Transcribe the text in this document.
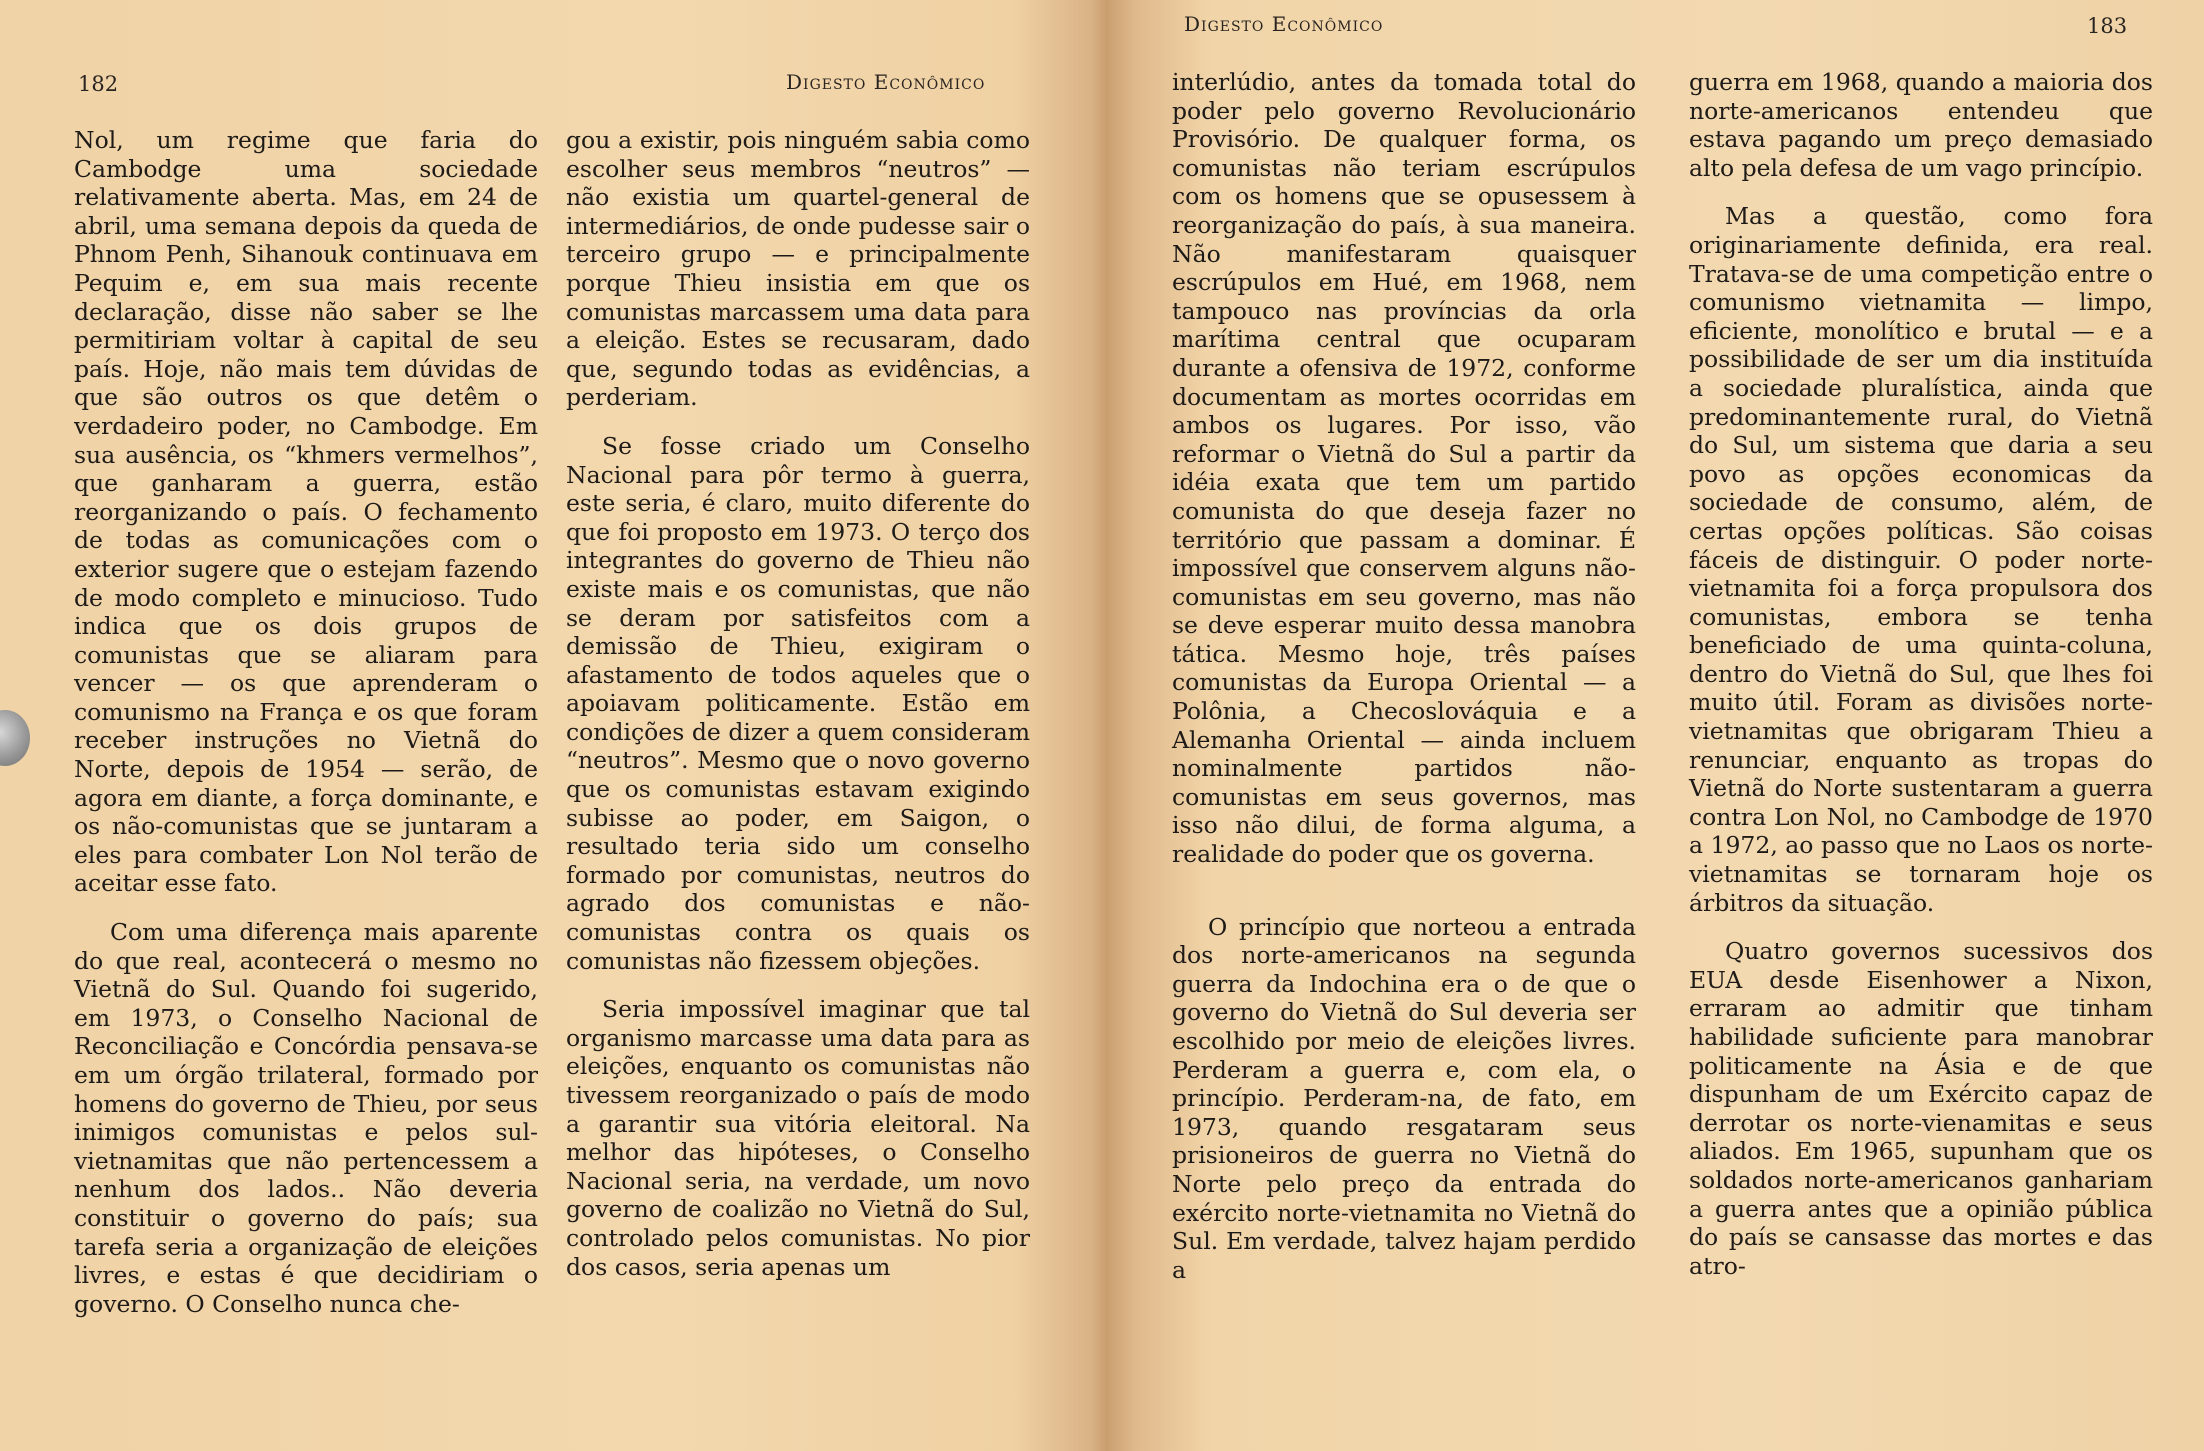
182	Digesto Econômico

Nol, um regime que faria do Cambodge uma sociedade relativamente aberta. Mas, em 24 de abril, uma semana depois da queda de Phnom Penh, Sihanouk continuava em Pequim e, em sua mais recente declaração, disse não saber se lhe permitiriam voltar à capital de seu país. Hoje, não mais tem dúvidas de que são outros os que detêm o verdadeiro poder, no Cambodge. Em sua ausência, os “khmers vermelhos”, que ganharam a guerra, estão reorganizando o país. O fechamento de todas as comunicações com o exterior sugere que o estejam fazendo de modo completo e minucioso. Tudo indica que os dois grupos de comunistas que se aliaram para vencer — os que aprenderam o comunismo na França e os que foram receber instruções no Vietnã do Norte, depois de 1954 — serão, de agora em diante, a força dominante, e os não-comunistas que se juntaram a eles para combater Lon Nol terão de aceitar esse fato.

Com uma diferença mais aparente do que real, acontecerá o mesmo no Vietnã do Sul. Quando foi sugerido, em 1973, o Conselho Nacional de Reconciliação e Concórdia pensava-se em um órgão trilateral, formado por homens do governo de Thieu, por seus inimigos comunistas e pelos sul-vietnamitas que não pertencessem a nenhum dos lados.. Não deveria constituir o governo do país; sua tarefa seria a organização de eleições livres, e estas é que decidiriam o governo. O Conselho nunca che-

gou a existir, pois ninguém sabia como escolher seus membros “neutros” — não existia um quartel-general de intermediários, de onde pudesse sair o terceiro grupo — e principalmente porque Thieu insistia em que os comunistas marcassem uma data para a eleição. Estes se recusaram, dado que, segundo todas as evidências, a perderiam.

Se fosse criado um Conselho Nacional para pôr termo à guerra, este seria, é claro, muito diferente do que foi proposto em 1973. O terço dos integrantes do governo de Thieu não existe mais e os comunistas, que não se deram por satisfeitos com a demissão de Thieu, exigiram o afastamento de todos aqueles que o apoiavam politicamente. Estão em condições de dizer a quem consideram “neutros”. Mesmo que o novo governo que os comunistas estavam exigindo subisse ao poder, em Saigon, o resultado teria sido um conselho formado por comunistas, neutros do agrado dos comunistas e não-comunistas contra os quais os comunistas não fizessem objeções.

Seria impossível imaginar que tal organismo marcasse uma data para as eleições, enquanto os comunistas não tivessem reorganizado o país de modo a garantir sua vitória eleitoral. Na melhor das hipóteses, o Conselho Nacional seria, na verdade, um novo governo de coalizão no Vietnã do Sul, controlado pelos comunistas. No pior dos casos, seria apenas um

Digesto Econômico	183

interlúdio, antes da tomada total do poder pelo governo Revolucionário Provisório. De qualquer forma, os comunistas não teriam escrúpulos com os homens que se opusessem à reorganização do país, à sua maneira. Não manifestaram quaisquer escrúpulos em Hué, em 1968, nem tampouco nas províncias da orla marítima central que ocuparam durante a ofensiva de 1972, conforme documentam as mortes ocorridas em ambos os lugares. Por isso, vão reformar o Vietnã do Sul a partir da idéia exata que tem um partido comunista do que deseja fazer no território que passam a dominar. É impossível que conservem alguns não-comunistas em seu governo, mas não se deve esperar muito dessa manobra tática. Mesmo hoje, três países comunistas da Europa Oriental — a Polônia, a Checoslováquia e a Alemanha Oriental — ainda incluem nominalmente partidos não-comunistas em seus governos, mas isso não dilui, de forma alguma, a realidade do poder que os governa.

O princípio que norteou a entrada dos norte-americanos na segunda guerra da Indochina era o de que o governo do Vietnã do Sul deveria ser escolhido por meio de eleições livres. Perderam a guerra e, com ela, o princípio. Perderam-na, de fato, em 1973, quando resgataram seus prisioneiros de guerra no Vietnã do Norte pelo preço da entrada do exército norte-vietnamita no Vietnã do Sul. Em verdade, talvez hajam perdido a

guerra em 1968, quando a maioria dos norte-americanos entendeu que estava pagando um preço demasiado alto pela defesa de um vago princípio.

Mas a questão, como fora originariamente definida, era real. Tratava-se de uma competição entre o comunismo vietnamita — limpo, eficiente, monolítico e brutal — e a possibilidade de ser um dia instituída a sociedade pluralística, ainda que predominantemente rural, do Vietnã do Sul, um sistema que daria a seu povo as opções economicas da sociedade de consumo, além, de certas opções políticas. São coisas fáceis de distinguir. O poder norte-vietnamita foi a força propulsora dos comunistas, embora se tenha beneficiado de uma quinta-coluna, dentro do Vietnã do Sul, que lhes foi muito útil. Foram as divisões norte-vietnamitas que obrigaram Thieu a renunciar, enquanto as tropas do Vietnã do Norte sustentaram a guerra contra Lon Nol, no Cambodge de 1970 a 1972, ao passo que no Laos os norte-vietnamitas se tornaram hoje os árbitros da situação.

Quatro governos sucessivos dos EUA desde Eisenhower a Nixon, erraram ao admitir que tinham habilidade suficiente para manobrar politicamente na Ásia e de que dispunham de um Exército capaz de derrotar os norte-vienamitas e seus aliados. Em 1965, supunham que os soldados norte-americanos ganhariam a guerra antes que a opinião pública do país se cansasse das mortes e das atro-
